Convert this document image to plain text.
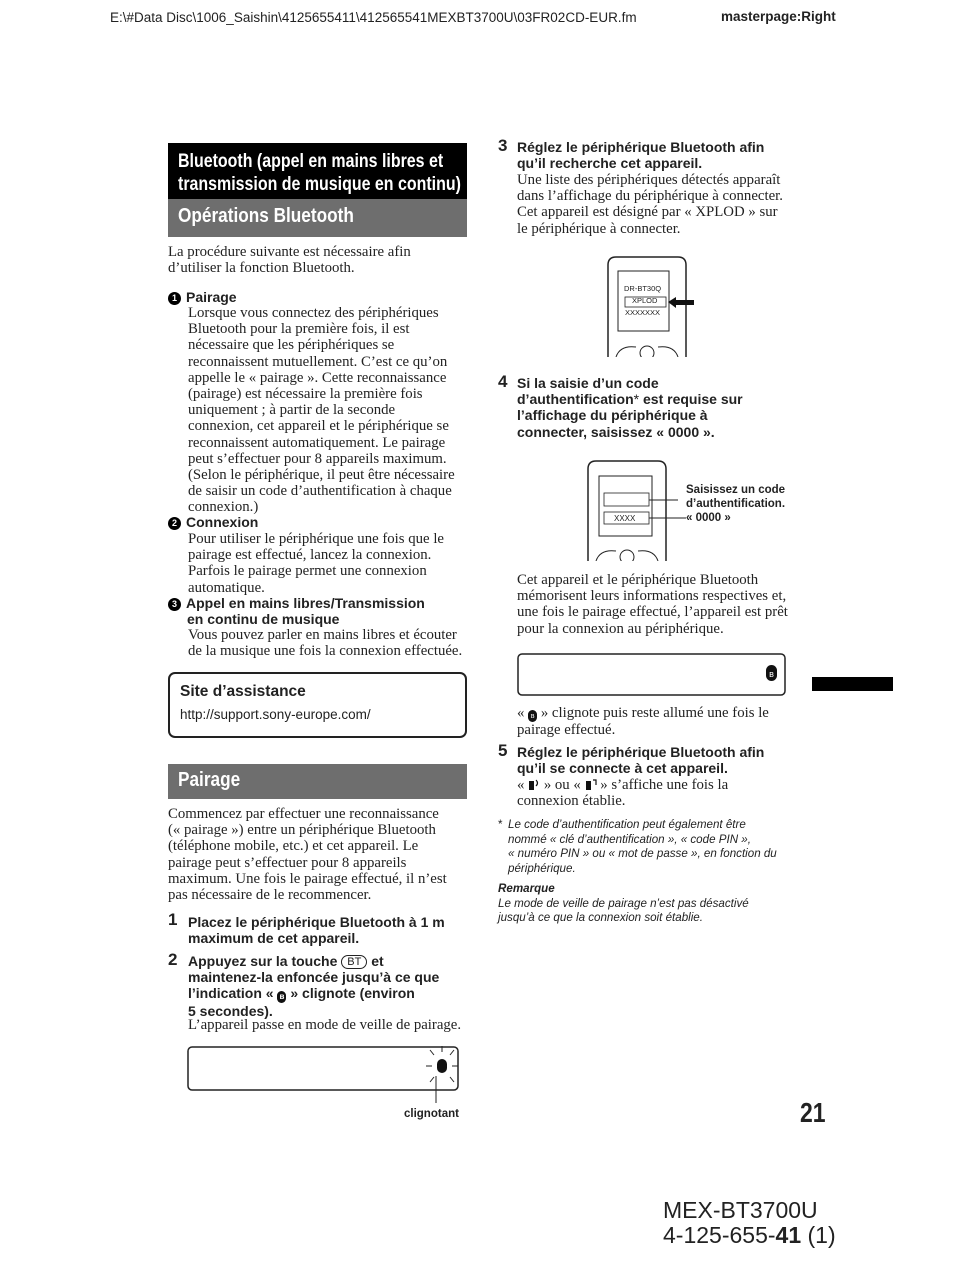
E:\#Data Disc\1006_Saishin\4125655411\412565541MEXBT3700U\03FR02CD-EUR.fm	masterpage:Right
Bluetooth (appel en mains libres et
transmission de musique en continu)
Opérations Bluetooth
La procédure suivante est nécessaire afin
d’utiliser la fonction Bluetooth.
1 Pairage
Lorsque vous connectez des périphériques
Bluetooth pour la première fois, il est
nécessaire que les périphériques se
reconnaissent mutuellement. C’est ce qu’on
appelle le « pairage ». Cette reconnaissance
(pairage) est nécessaire la première fois
uniquement ; à partir de la seconde
connexion, cet appareil et le périphérique se
reconnaissent automatiquement. Le pairage
peut s’effectuer pour 8 appareils maximum.
(Selon le périphérique, il peut être nécessaire
de saisir un code d’authentification à chaque
connexion.)
2 Connexion
Pour utiliser le périphérique une fois que le
pairage est effectué, lancez la connexion.
Parfois le pairage permet une connexion
automatique.
3 Appel en mains libres/Transmission
en continu de musique
Vous pouvez parler en mains libres et écouter
de la musique une fois la connexion effectuée.
Site d’assistance
http://support.sony-europe.com/
Pairage
Commencez par effectuer une reconnaissance
(« pairage ») entre un périphérique Bluetooth
(téléphone mobile, etc.) et cet appareil. Le
pairage peut s’effectuer pour 8 appareils
maximum. Une fois le pairage effectué, il n’est
pas nécessaire de le recommencer.
1 Placez le périphérique Bluetooth à 1 m
maximum de cet appareil.
2 Appuyez sur la touche BT et
maintenez-la enfoncée jusqu’à ce que
l’indication « ʙ » clignote (environ
5 secondes).
L’appareil passe en mode de veille de pairage.
clignotant
3 Réglez le périphérique Bluetooth afin
qu’il recherche cet appareil.
Une liste des périphériques détectés apparaît
dans l’affichage du périphérique à connecter.
Cet appareil est désigné par « XPLOD » sur
le périphérique à connecter.
DR-BT30Q
XPLOD
XXXXXXX
4 Si la saisie d’un code
d’authentification* est requise sur
l’affichage du périphérique à
connecter, saisissez « 0000 ».
XXXX
Saisissez un code
d’authentification.
« 0000 »
Cet appareil et le périphérique Bluetooth
mémorisent leurs informations respectives et,
une fois le pairage effectué, l’appareil est prêt
pour la connexion au périphérique.
ʙ
« ʙ » clignote puis reste allumé une fois le
pairage effectué.
5 Réglez le périphérique Bluetooth afin
qu’il se connecte à cet appareil.
« » ou « » s’affiche une fois la
connexion établie.
* Le code d’authentification peut également être
nommé « clé d’authentification », « code PIN »,
« numéro PIN » ou « mot de passe », en fonction du
périphérique.
Remarque
Le mode de veille de pairage n’est pas désactivé
jusqu’à ce que la connexion soit établie.
21
MEX-BT3700U
4-125-655-41 (1)
